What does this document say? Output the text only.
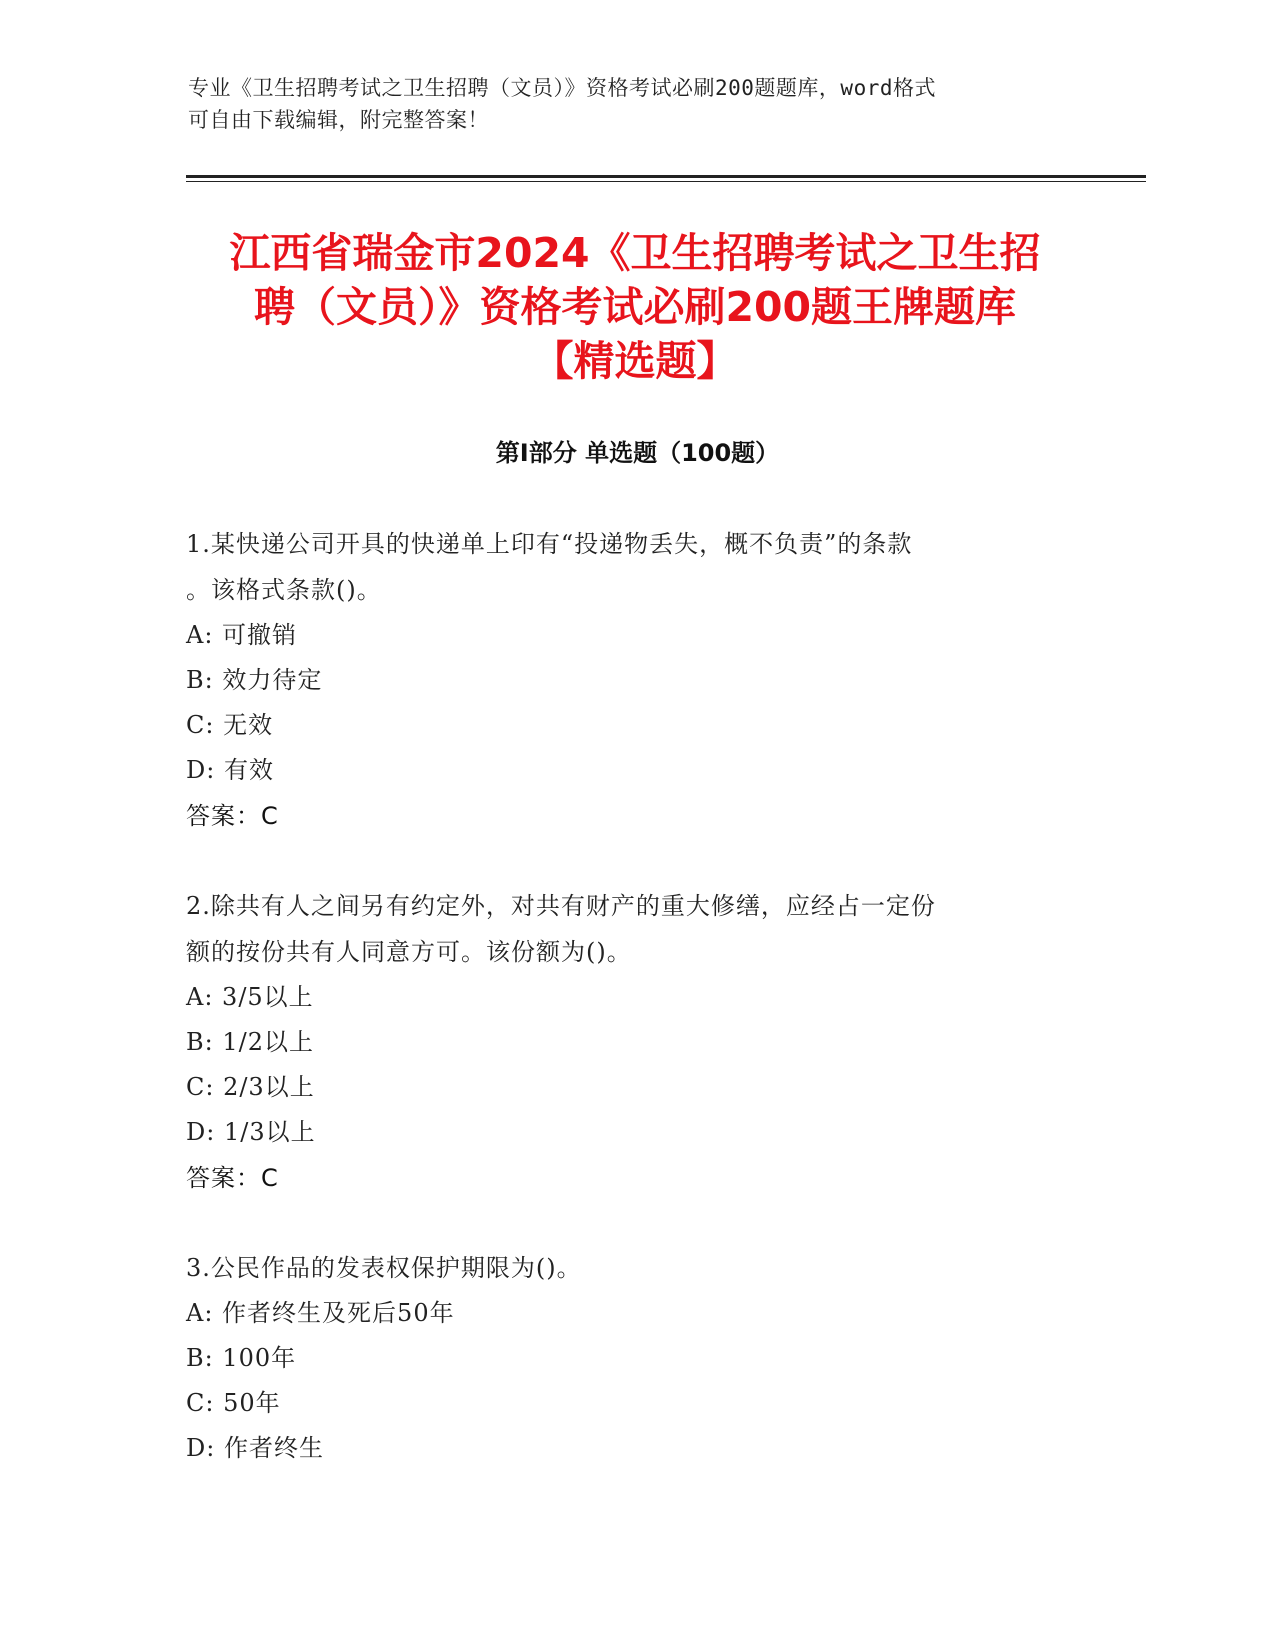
专业《卫生招聘考试之卫生招聘（文员）》资格考试必刷200题题库，word格式
可自由下载编辑，附完整答案！
江西省瑞金市2024《卫生招聘考试之卫生招
聘（文员）》资格考试必刷200题王牌题库
【精选题】
第Ⅰ部分 单选题（100题）
1.某快递公司开具的快递单上印有“投递物丢失，概不负责”的条款
。该格式条款()。
A: 可撤销
B: 效力待定
C: 无效
D: 有效
答案：C
2.除共有人之间另有约定外，对共有财产的重大修缮，应经占一定份
额的按份共有人同意方可。该份额为()。
A: 3/5以上
B: 1/2以上
C: 2/3以上
D: 1/3以上
答案：C
3.公民作品的发表权保护期限为()。
A: 作者终生及死后50年
B: 100年
C: 50年
D: 作者终生
